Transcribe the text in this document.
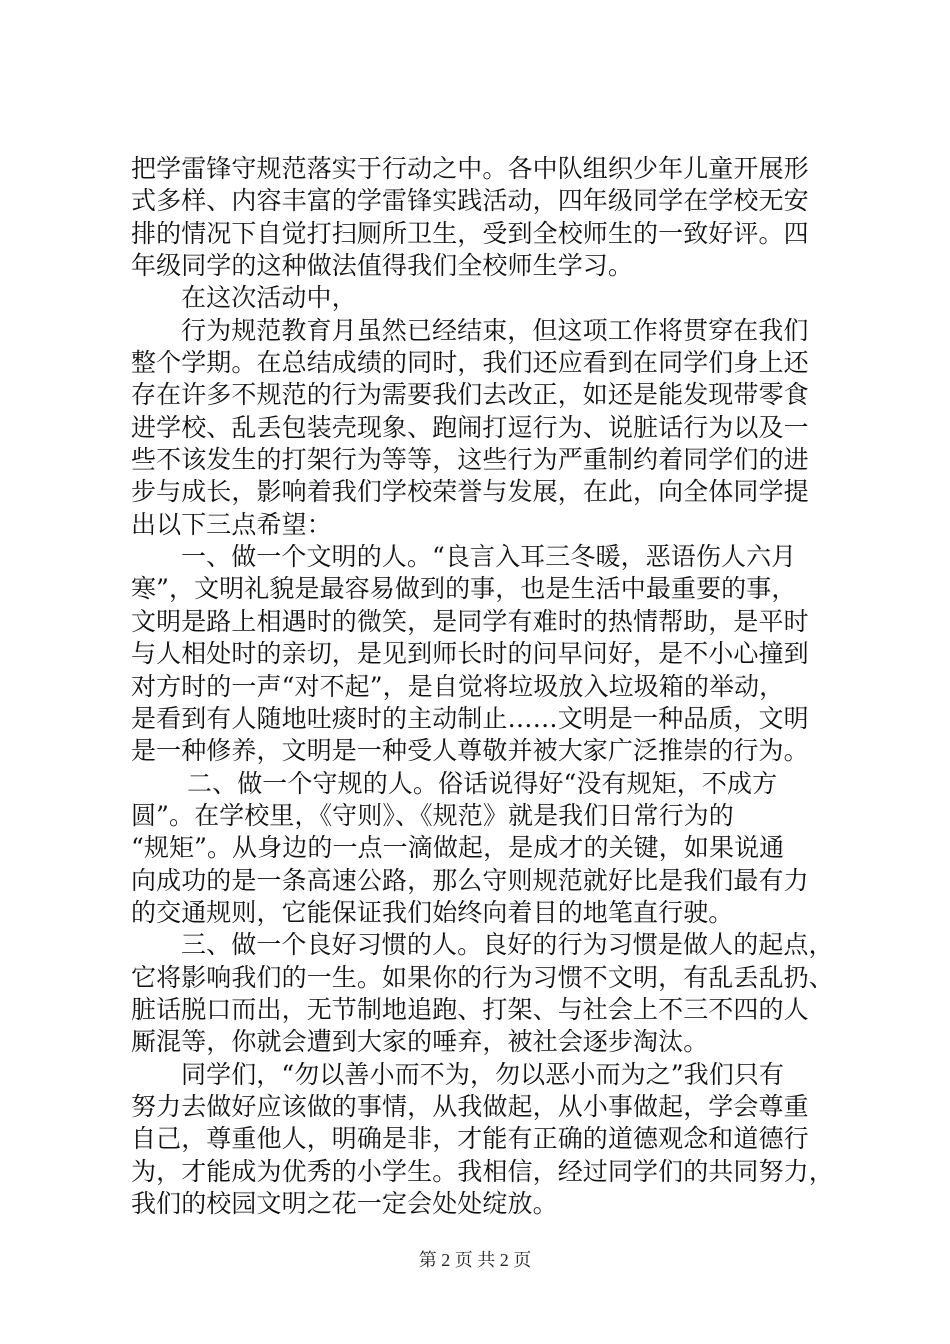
把学雷锋守规范落实于行动之中。各中队组织少年儿童开展形
式多样、内容丰富的学雷锋实践活动，四年级同学在学校无安
排的情况下自觉打扫厕所卫生，受到全校师生的一致好评。四
年级同学的这种做法值得我们全校师生学习。
在这次活动中，
行为规范教育月虽然已经结束，但这项工作将贯穿在我们
整个学期。在总结成绩的同时，我们还应看到在同学们身上还
存在许多不规范的行为需要我们去改正，如还是能发现带零食
进学校、乱丢包装壳现象、跑闹打逗行为、说脏话行为以及一
些不该发生的打架行为等等，这些行为严重制约着同学们的进
步与成长，影响着我们学校荣誉与发展，在此，向全体同学提
出以下三点希望：
一、做一个文明的人。“良言入耳三冬暖，恶语伤人六月
寒”，文明礼貌是最容易做到的事，也是生活中最重要的事，
文明是路上相遇时的微笑，是同学有难时的热情帮助，是平时
与人相处时的亲切，是见到师长时的问早问好，是不小心撞到
对方时的一声“对不起”，是自觉将垃圾放入垃圾箱的举动，
是看到有人随地吐痰时的主动制止……文明是一种品质，文明
是一种修养，文明是一种受人尊敬并被大家广泛推崇的行为。
二、做一个守规的人。俗话说得好“没有规矩，不成方
圆”。在学校里，《守则》、《规范》就是我们日常行为的
“规矩”。从身边的一点一滴做起，是成才的关键，如果说通
向成功的是一条高速公路，那么守则规范就好比是我们最有力
的交通规则，它能保证我们始终向着目的地笔直行驶。
三、做一个良好习惯的人。良好的行为习惯是做人的起点，
它将影响我们的一生。如果你的行为习惯不文明，有乱丢乱扔、
脏话脱口而出，无节制地追跑、打架、与社会上不三不四的人
厮混等，你就会遭到大家的唾弃，被社会逐步淘汰。
同学们，“勿以善小而不为，勿以恶小而为之”我们只有
努力去做好应该做的事情，从我做起，从小事做起，学会尊重
自己，尊重他人，明确是非，才能有正确的道德观念和道德行
为，才能成为优秀的小学生。我相信，经过同学们的共同努力，
我们的校园文明之花一定会处处绽放。
第 2 页 共 2 页
